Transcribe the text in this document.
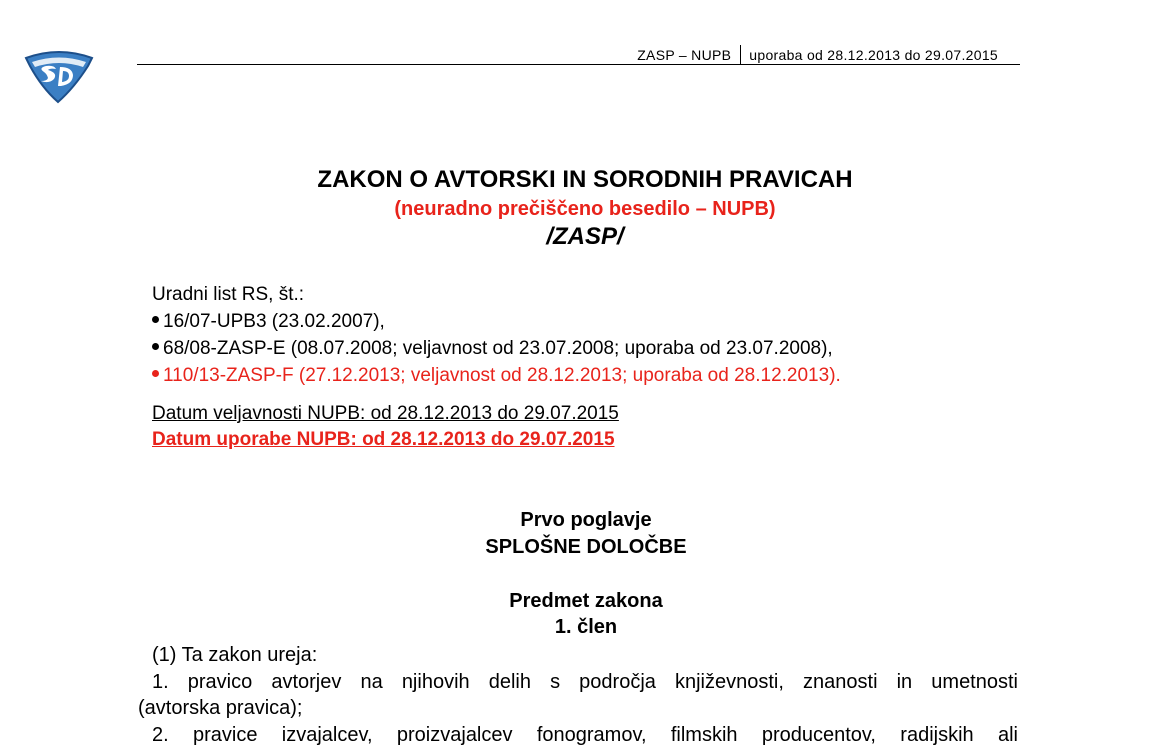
ZASP – NUPB uporaba od 28.12.2013 do 29.07.2015
ZAKON O AVTORSKI IN SORODNIH PRAVICAH
(neuradno prečiščeno besedilo – NUPB)
/ZASP/
Uradni list RS, št.:
16/07-UPB3 (23.02.2007),
68/08-ZASP-E (08.07.2008; veljavnost od 23.07.2008; uporaba od 23.07.2008),
110/13-ZASP-F (27.12.2013; veljavnost od 28.12.2013; uporaba od 28.12.2013).
Datum veljavnosti NUPB: od 28.12.2013 do 29.07.2015
Datum uporabe NUPB: od 28.12.2013 do 29.07.2015
Prvo poglavje
SPLOŠNE DOLOČBE
Predmet zakona
1. člen
(1) Ta zakon ureja:
1. pravico avtorjev na njihovih delih s področja književnosti, znanosti in umetnosti
(avtorska pravica);
2. pravice izvajalcev, proizvajalcev fonogramov, filmskih producentov, radijskih ali
